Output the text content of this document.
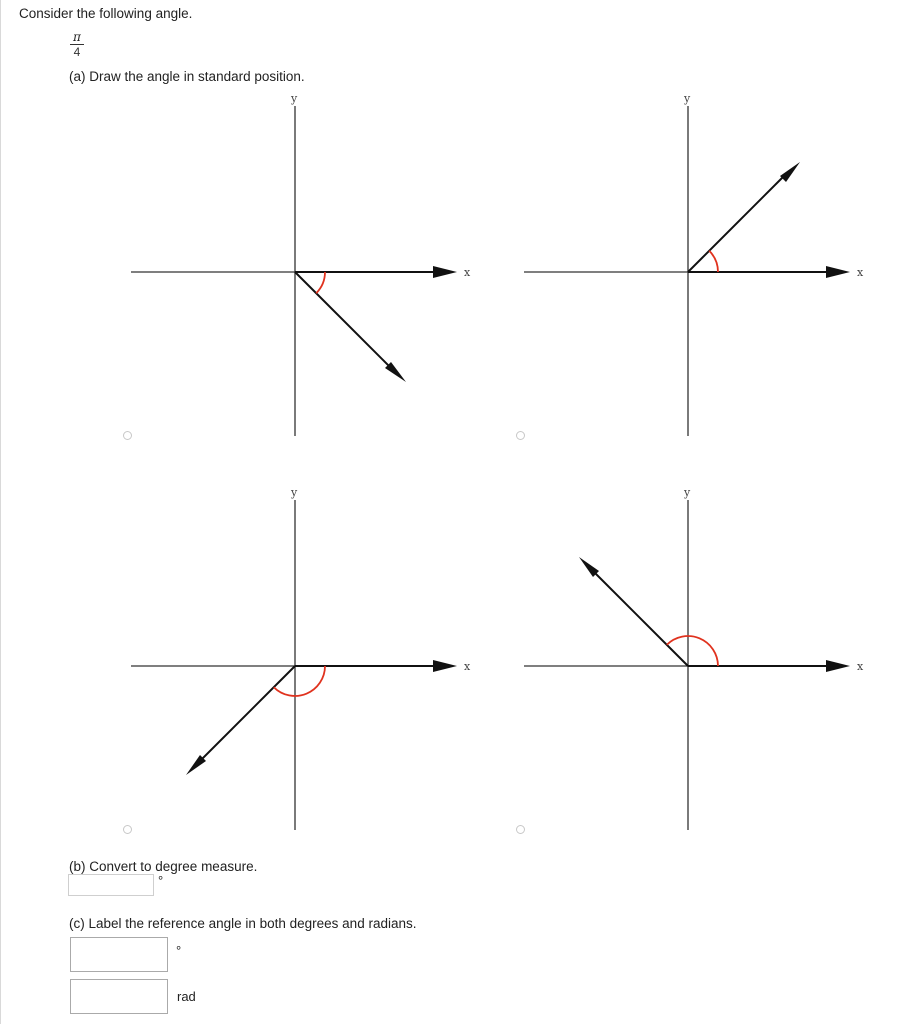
Consider the following angle.
π
4
(a) Draw the angle in standard position.
y
x
y
x
y
x
y
x
(b) Convert to degree measure.
°
(c) Label the reference angle in both degrees and radians.
°
rad
